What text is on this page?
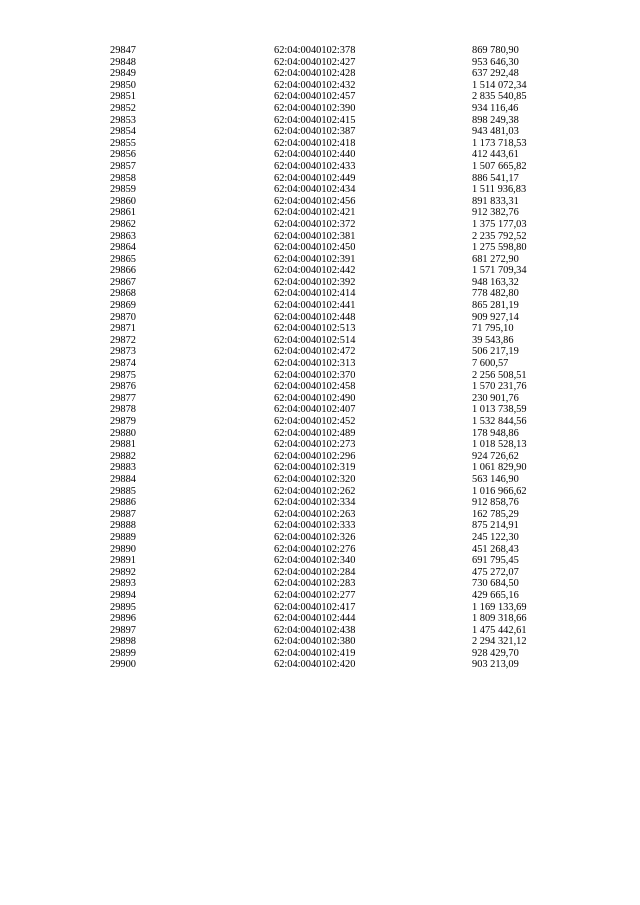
29847	62:04:0040102:378	869 780,90
29848	62:04:0040102:427	953 646,30
29849	62:04:0040102:428	637 292,48
29850	62:04:0040102:432	1 514 072,34
29851	62:04:0040102:457	2 835 540,85
29852	62:04:0040102:390	934 116,46
29853	62:04:0040102:415	898 249,38
29854	62:04:0040102:387	943 481,03
29855	62:04:0040102:418	1 173 718,53
29856	62:04:0040102:440	412 443,61
29857	62:04:0040102:433	1 507 665,82
29858	62:04:0040102:449	886 541,17
29859	62:04:0040102:434	1 511 936,83
29860	62:04:0040102:456	891 833,31
29861	62:04:0040102:421	912 382,76
29862	62:04:0040102:372	1 375 177,03
29863	62:04:0040102:381	2 235 792,52
29864	62:04:0040102:450	1 275 598,80
29865	62:04:0040102:391	681 272,90
29866	62:04:0040102:442	1 571 709,34
29867	62:04:0040102:392	948 163,32
29868	62:04:0040102:414	778 482,80
29869	62:04:0040102:441	865 281,19
29870	62:04:0040102:448	909 927,14
29871	62:04:0040102:513	71 795,10
29872	62:04:0040102:514	39 543,86
29873	62:04:0040102:472	506 217,19
29874	62:04:0040102:313	7 600,57
29875	62:04:0040102:370	2 256 508,51
29876	62:04:0040102:458	1 570 231,76
29877	62:04:0040102:490	230 901,76
29878	62:04:0040102:407	1 013 738,59
29879	62:04:0040102:452	1 532 844,56
29880	62:04:0040102:489	178 948,86
29881	62:04:0040102:273	1 018 528,13
29882	62:04:0040102:296	924 726,62
29883	62:04:0040102:319	1 061 829,90
29884	62:04:0040102:320	563 146,90
29885	62:04:0040102:262	1 016 966,62
29886	62:04:0040102:334	912 858,76
29887	62:04:0040102:263	162 785,29
29888	62:04:0040102:333	875 214,91
29889	62:04:0040102:326	245 122,30
29890	62:04:0040102:276	451 268,43
29891	62:04:0040102:340	691 795,45
29892	62:04:0040102:284	475 272,07
29893	62:04:0040102:283	730 684,50
29894	62:04:0040102:277	429 665,16
29895	62:04:0040102:417	1 169 133,69
29896	62:04:0040102:444	1 809 318,66
29897	62:04:0040102:438	1 475 442,61
29898	62:04:0040102:380	2 294 321,12
29899	62:04:0040102:419	928 429,70
29900	62:04:0040102:420	903 213,09
